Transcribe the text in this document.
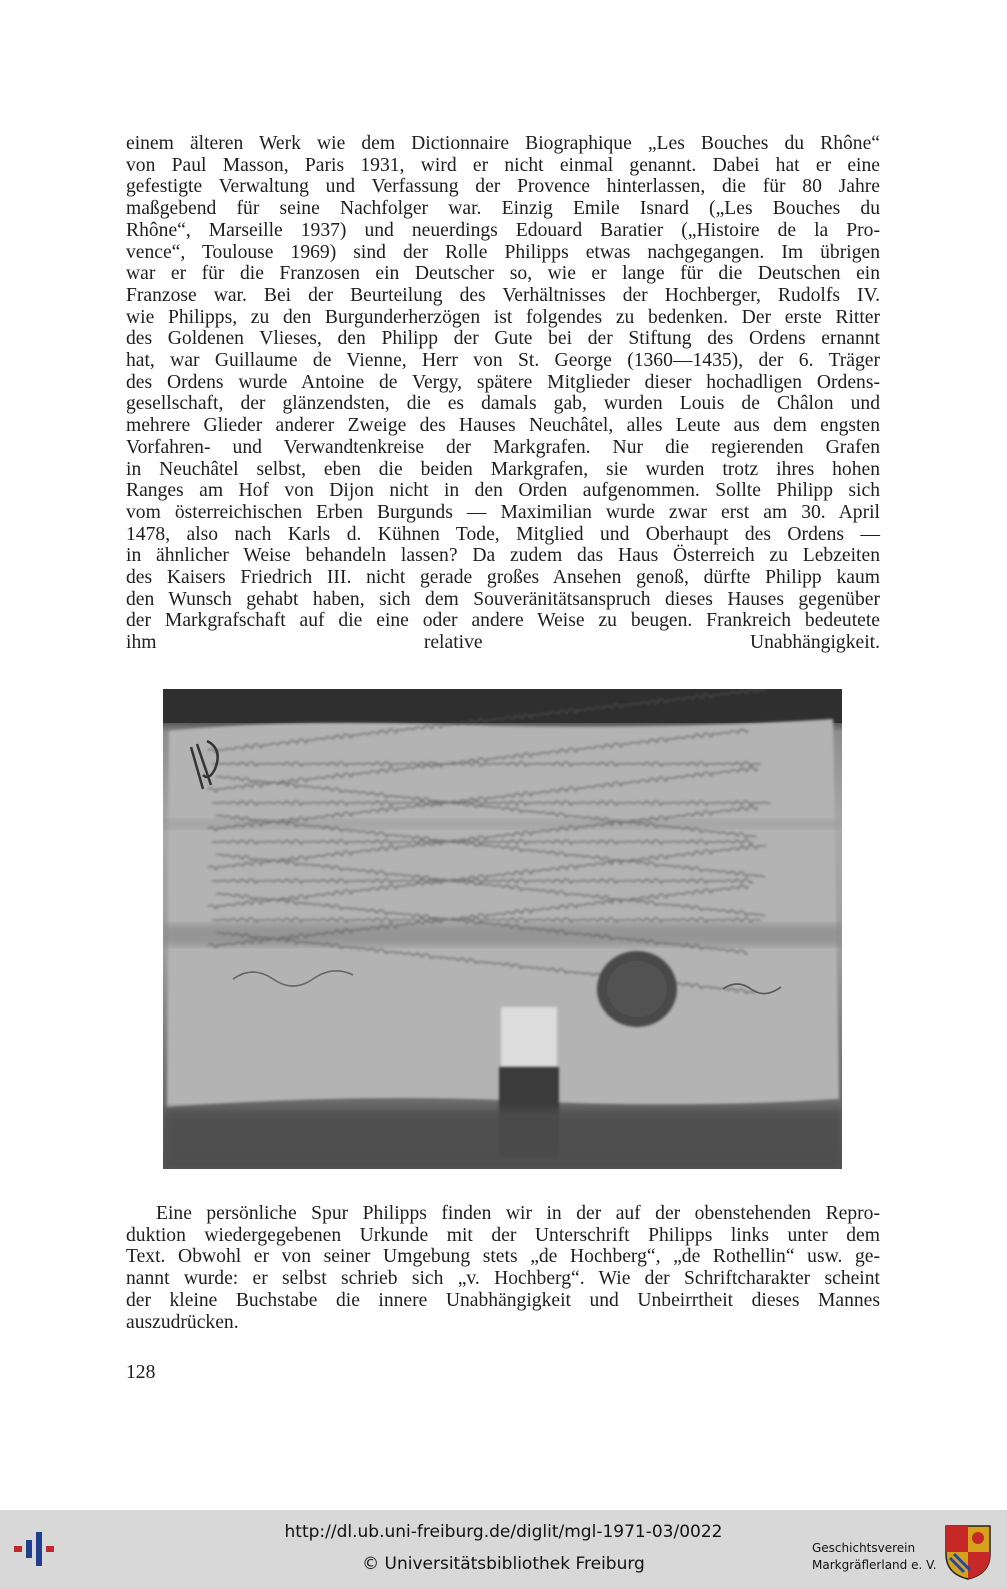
einem älteren Werk wie dem Dictionnaire Biographique „Les Bouches du Rhône“
von Paul Masson, Paris 1931, wird er nicht einmal genannt. Dabei hat er eine
gefestigte Verwaltung und Verfassung der Provence hinterlassen, die für 80 Jahre
maßgebend für seine Nachfolger war. Einzig Emile Isnard („Les Bouches du
Rhône“, Marseille 1937) und neuerdings Edouard Baratier („Histoire de la Pro-
vence“, Toulouse 1969) sind der Rolle Philipps etwas nachgegangen. Im übrigen
war er für die Franzosen ein Deutscher so, wie er lange für die Deutschen ein
Franzose war. Bei der Beurteilung des Verhältnisses der Hochberger, Rudolfs IV.
wie Philipps, zu den Burgunderherzögen ist folgendes zu bedenken. Der erste Ritter
des Goldenen Vlieses, den Philipp der Gute bei der Stiftung des Ordens ernannt
hat, war Guillaume de Vienne, Herr von St. George (1360—1435), der 6. Träger
des Ordens wurde Antoine de Vergy, spätere Mitglieder dieser hochadligen Ordens-
gesellschaft, der glänzendsten, die es damals gab, wurden Louis de Châlon und
mehrere Glieder anderer Zweige des Hauses Neuchâtel, alles Leute aus dem engsten
Vorfahren- und Verwandtenkreise der Markgrafen. Nur die regierenden Grafen
in Neuchâtel selbst, eben die beiden Markgrafen, sie wurden trotz ihres hohen
Ranges am Hof von Dijon nicht in den Orden aufgenommen. Sollte Philipp sich
vom österreichischen Erben Burgunds — Maximilian wurde zwar erst am 30. April
1478, also nach Karls d. Kühnen Tode, Mitglied und Oberhaupt des Ordens —
in ähnlicher Weise behandeln lassen? Da zudem das Haus Österreich zu Lebzeiten
des Kaisers Friedrich III. nicht gerade großes Ansehen genoß, dürfte Philipp kaum
den Wunsch gehabt haben, sich dem Souveränitätsanspruch dieses Hauses gegenüber
der Markgrafschaft auf die eine oder andere Weise zu beugen. Frankreich bedeutete
ihm relative Unabhängigkeit.
Eine persönliche Spur Philipps finden wir in der auf der obenstehenden Repro-
duktion wiedergegebenen Urkunde mit der Unterschrift Philipps links unter dem
Text. Obwohl er von seiner Umgebung stets „de Hochberg“, „de Rothellin“ usw. ge-
nannt wurde: er selbst schrieb sich „v. Hochberg“. Wie der Schriftcharakter scheint
der kleine Buchstabe die innere Unabhängigkeit und Unbeirrtheit dieses Mannes
auszudrücken.
128
http://dl.ub.uni-freiburg.de/diglit/mgl-1971-03/0022
© Universitätsbibliothek Freiburg
Geschichtsverein
Markgräflerland e. V.
